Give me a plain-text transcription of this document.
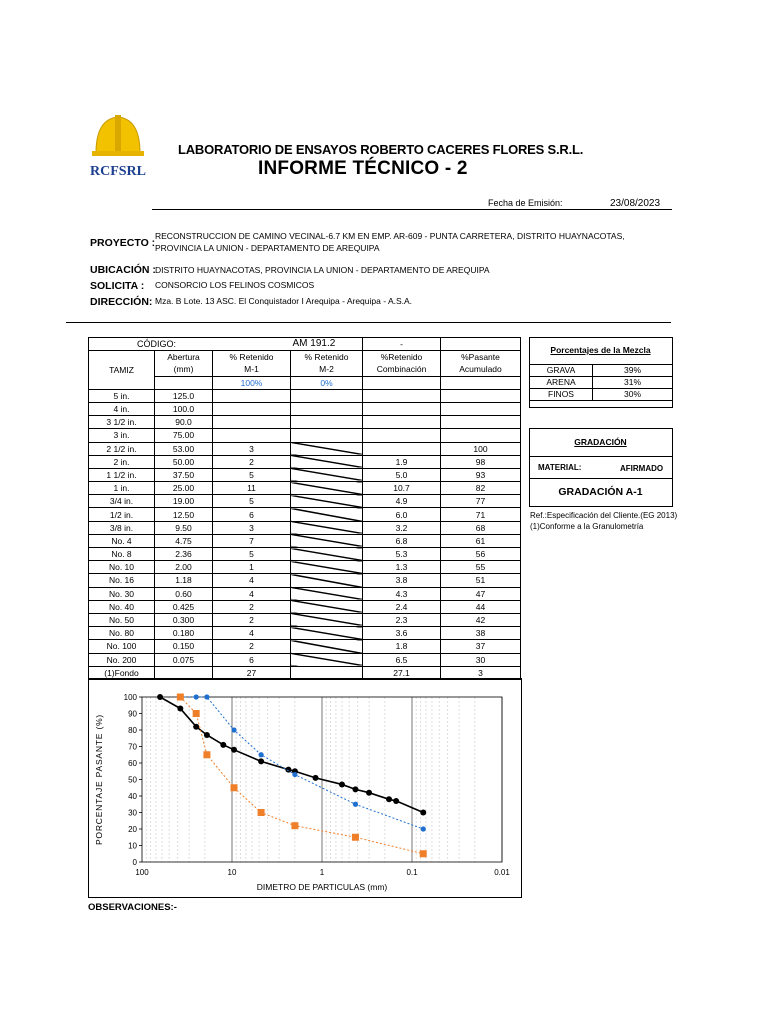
RCFSRL
LABORATORIO DE ENSAYOS ROBERTO CACERES FLORES S.R.L.
INFORME TÉCNICO - 2
Fecha de Emisión:	23/08/2023
PROYECTO :
RECONSTRUCCION DE CAMINO VECINAL-6.7 KM EN EMP. AR-609 - PUNTA CARRETERA, DISTRITO HUAYNACOTAS,
PROVINCIA LA UNION - DEPARTAMENTO DE AREQUIPA
UBICACIÓN : DISTRITO HUAYNACOTAS, PROVINCIA LA UNION - DEPARTAMENTO DE AREQUIPA
SOLICITA : CONSORCIO LOS FELINOS COSMICOS
DIRECCIÓN: Mza. B Lote. 13 ASC. El Conquistador I Arequipa - Arequipa - A.S.A.
CÓDIGO:			AM 191.2	-	
TAMIZ	Abertura	% Retenido	% Retenido	%Retenido	%Pasante
	(mm)	M-1	M-2	Combinación	Acumulado
		100%	0%		
5 in.	125.0				
4 in.	100.0				
3 1/2 in.	90.0				
3 in.	75.00				
2 1/2 in.	53.00	3			100
2 in.	50.00	2		1.9	98
1 1/2 in.	37.50	5		5.0	93
1 in.	25.00	11		10.7	82
3/4 in.	19.00	5		4.9	77
1/2 in.	12.50	6		6.0	71
3/8 in.	9.50	3		3.2	68
No. 4	4.75	7		6.8	61
No. 8	2.36	5		5.3	56
No. 10	2.00	1		1.3	55
No. 16	1.18	4		3.8	51
No. 30	0.60	4		4.3	47
No. 40	0.425	2		2.4	44
No. 50	0.300	2		2.3	42
No. 80	0.180	4		3.6	38
No. 100	0.150	2		1.8	37
No. 200	0.075	6		6.5	30
(1)Fondo		27		27.1	3
Porcentajes de la Mezcla
GRAVA	39%
ARENA	31%
FINOS	30%
GRADACIÓN
MATERIAL:	AFIRMADO
GRADACIÓN A-1
Ref.:Especificación del Cliente.(EG 2013)
(1)Conforme a la Granulometría
0
10
20
30
40
50
60
70
80
90
100
100	10	1	0.1	0.01
DIMETRO DE PARTICULAS (mm)
PORCENTAJE PASANTE (%)
OBSERVACIONES:-
